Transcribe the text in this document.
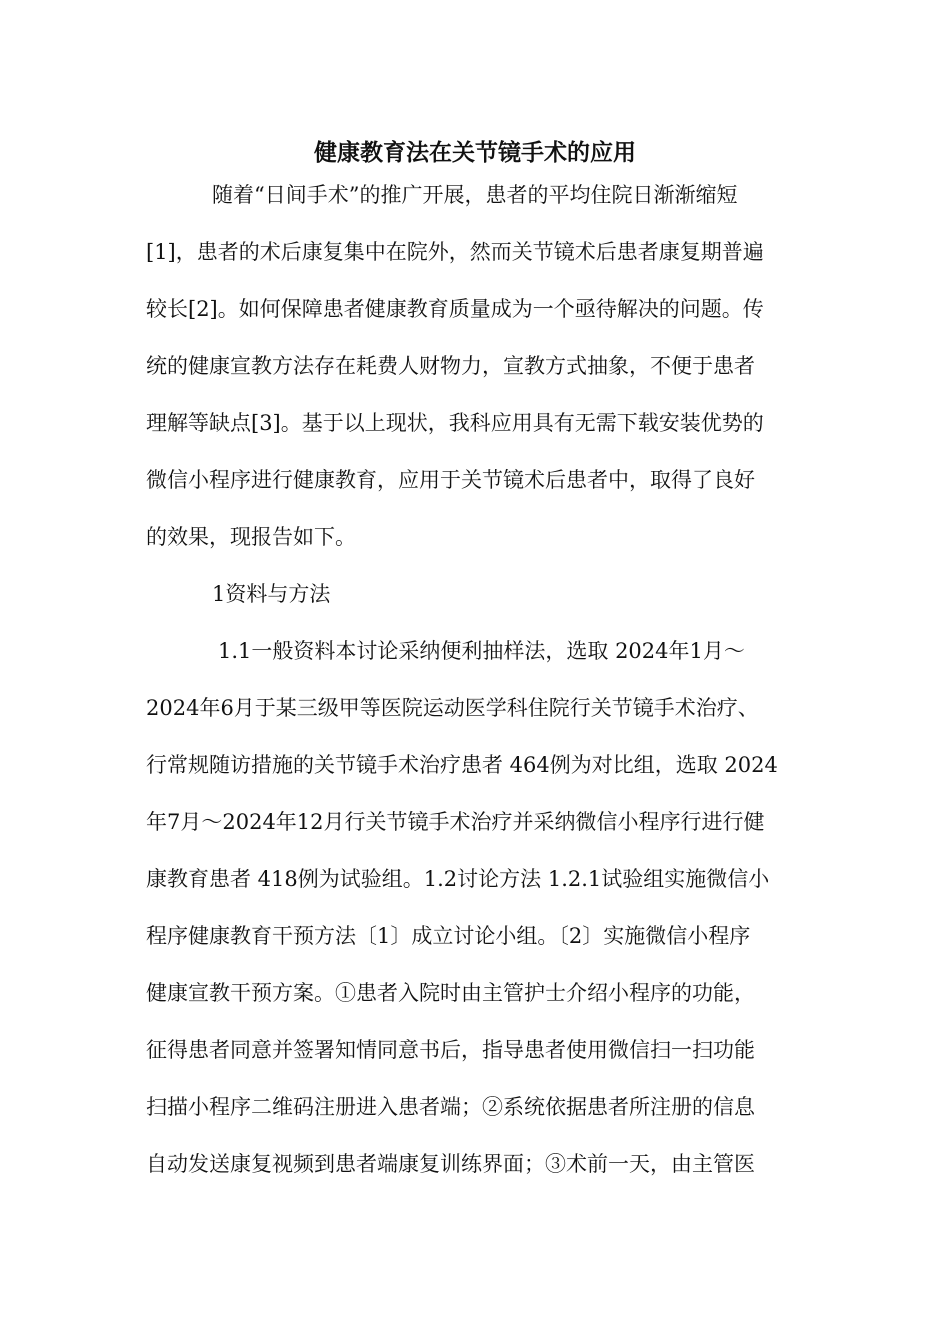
健康教育法在关节镜手术的应用
随着“日间手术”的推广开展，患者的平均住院日渐渐缩短
[1]，患者的术后康复集中在院外，然而关节镜术后患者康复期普遍
较长[2]。如何保障患者健康教育质量成为一个亟待解决的问题。传
统的健康宣教方法存在耗费人财物力，宣教方式抽象，不便于患者
理解等缺点[3]。基于以上现状，我科应用具有无需下载安装优势的
微信小程序进行健康教育，应用于关节镜术后患者中，取得了良好
的效果，现报告如下。
1资料与方法
1.1一般资料本讨论采纳便利抽样法，选取 2024年1月～
2024年6月于某三级甲等医院运动医学科住院行关节镜手术治疗、
行常规随访措施的关节镜手术治疗患者 464例为对比组，选取 2024
年7月～2024年12月行关节镜手术治疗并采纳微信小程序行进行健
康教育患者 418例为试验组。1.2讨论方法 1.2.1试验组实施微信小
程序健康教育干预方法〔1〕成立讨论小组。〔2〕实施微信小程序
健康宣教干预方案。①患者入院时由主管护士介绍小程序的功能，
征得患者同意并签署知情同意书后，指导患者使用微信扫一扫功能
扫描小程序二维码注册进入患者端；②系统依据患者所注册的信息
自动发送康复视频到患者端康复训练界面；③术前一天，由主管医
